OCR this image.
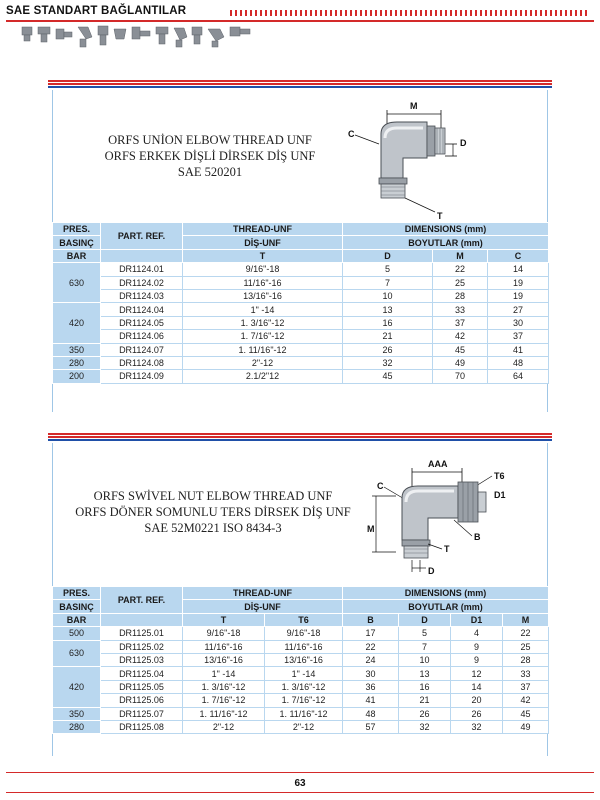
SAE STANDART BAĞLANTILAR
ORFS UNİON ELBOW THREAD UNF
ORFS ERKEK DİŞLİ DİRSEK DİŞ UNF
SAE 520201
M
C
D
T
PRES.	PART. REF.	THREAD-UNF	DIMENSIONS (mm)		
BASINÇ		DİŞ-UNF	BOYUTLAR (mm)		
BAR		T	D	M	C
630	DR1124.01	9/16"-18	5	22	14
	DR1124.02	11/16"-16	7	25	19
	DR1124.03	13/16"-16	10	28	19
420	DR1124.04	1" -14	13	33	27
	DR1124.05	1. 3/16"-12	16	37	30
	DR1124.06	1. 7/16"-12	21	42	37
350	DR1124.07	1. 11/16"-12	26	45	41
280	DR1124.08	2"-12	32	49	48
200	DR1124.09	2.1/2"12	45	70	64
ORFS SWİVEL NUT ELBOW THREAD UNF
ORFS DÖNER SOMUNLU TERS DİRSEK DİŞ UNF
SAE 52M0221 ISO 8434-3
AAA
T6
D1
C
M
B
T
D
PRES.	PART. REF.	THREAD-UNF		DIMENSIONS (mm)			
BASINÇ		DİŞ-UNF		BOYUTLAR (mm)			
BAR		T	T6	B	D	D1	M
500	DR1125.01	9/16"-18	9/16"-18	17	5	4	22
630	DR1125.02	11/16"-16	11/16"-16	22	7	9	25
	DR1125.03	13/16"-16	13/16"-16	24	10	9	28
420	DR1125.04	1" -14	1" -14	30	13	12	33
	DR1125.05	1. 3/16"-12	1. 3/16"-12	36	16	14	37
	DR1125.06	1. 7/16"-12	1. 7/16"-12	41	21	20	42
350	DR1125.07	1. 11/16"-12	1. 11/16"-12	48	26	26	45
280	DR1125.08	2"-12	2"-12	57	32	32	49
63
